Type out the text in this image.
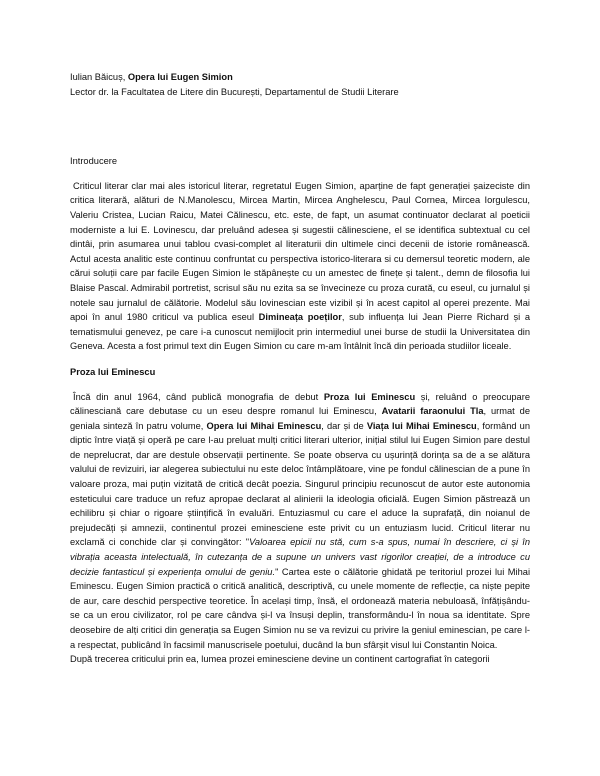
Iulian Băicuș, Opera lui Eugen Simion

Lector dr. la Facultatea de Litere din București, Departamentul de Studii Literare

Introducere

Criticul literar clar mai ales istoricul literar, regretatul Eugen Simion, aparține de fapt generației șaizeciste din critica literară, alături de N.Manolescu, Mircea Martin, Mircea Anghelescu, Paul Cornea, Mircea Iorgulescu, Valeriu Cristea, Lucian Raicu, Matei Călinescu, etc. este, de fapt, un asumat continuator declarat al poeticii moderniste a lui E. Lovinescu, dar preluând adesea și sugestii călinesciene, el se identifica subtextual cu cel dintâi, prin asumarea unui tablou cvasi-complet al literaturii din ultimele cinci decenii de istorie românească. Actul acesta analitic este continuu confruntat cu perspectiva istorico-literara si cu demersul teoretic modern, ale cărui soluții care par facile Eugen Simion le stăpânește cu un amestec de finețe și talent., demn de filosofia lui Blaise Pascal. Admirabil portretist, scrisul său nu ezita sa se învecineze cu proza curată, cu eseul, cu jurnalul și notele sau jurnalul de călătorie. Modelul său lovinescian este vizibil și în acest capitol al operei prezente. Mai apoi în anul 1980 criticul va publica eseul Dimineața poeților, sub influența lui Jean Pierre Richard și a tematismului genevez, pe care i-a cunoscut nemijlocit prin intermediul unei burse de studii la Universitatea din Geneva. Acesta a fost primul text din Eugen Simion cu care m-am întâlnit încă din perioada studiilor liceale.

Proza lui Eminescu

Încă din anul 1964, când publică monografia de debut Proza lui Eminescu și, reluând o preocupare călinesciană care debutase cu un eseu despre romanul lui Eminescu, Avatarii faraonului Tla, urmat de geniala sinteză în patru volume, Opera lui Mihai Eminescu, dar și de Viața lui Mihai Eminescu, formând un diptic între viață și operă pe care l-au preluat mulți critici literari ulterior, inițial stilul lui Eugen Simion pare destul de neprelucrat, dar are destule observații pertinente. Se poate observa cu ușurință dorința sa de a se alătura valului de revizuiri, iar alegerea subiectului nu este deloc întâmplătoare, vine pe fondul călinescian de a pune în valoare proza, mai puțin vizitată de critică decât poezia. Singurul principiu recunoscut de autor este autonomia esteticului care traduce un refuz apropae declarat al alinierii la ideologia oficială. Eugen Simion păstrează un echilibru și chiar o rigoare științifică în evaluări. Entuziasmul cu care el aduce la suprafață, din noianul de prejudecăți și amnezii, continentul prozei eminesciene este privit cu un entuziasm lucid. Criticul literar nu exclamă ci conchide clar și convingător: "Valoarea epicii nu stă, cum s-a spus, numai în descriere, ci și în vibrația aceasta intelectuală, în cutezanța de a supune un univers vast rigorilor creației, de a introduce cu decizie fantasticul și experiența omului de geniu." Cartea este o călătorie ghidată pe teritoriul prozei lui Mihai Eminescu. Eugen Simion practică o critică analitică, descriptivă, cu unele momente de reflecție, ca niște pepite de aur, care deschid perspective teoretice. În același timp, însă, el ordonează materia nebuloasă, înfățișându-se ca un erou civilizator, rol pe care cândva și-l va însuși deplin, transformându-l în noua sa identitate. Spre deosebire de alți critici din generația sa Eugen Simion nu se va revizui cu privire la geniul eminescian, pe care l-a respectat, publicând în facsimil manuscrisele poetului, ducând la bun sfârșit visul lui Constantin Noica.

După trecerea criticului prin ea, lumea prozei eminesciene devine un continent cartografiat în categorii
